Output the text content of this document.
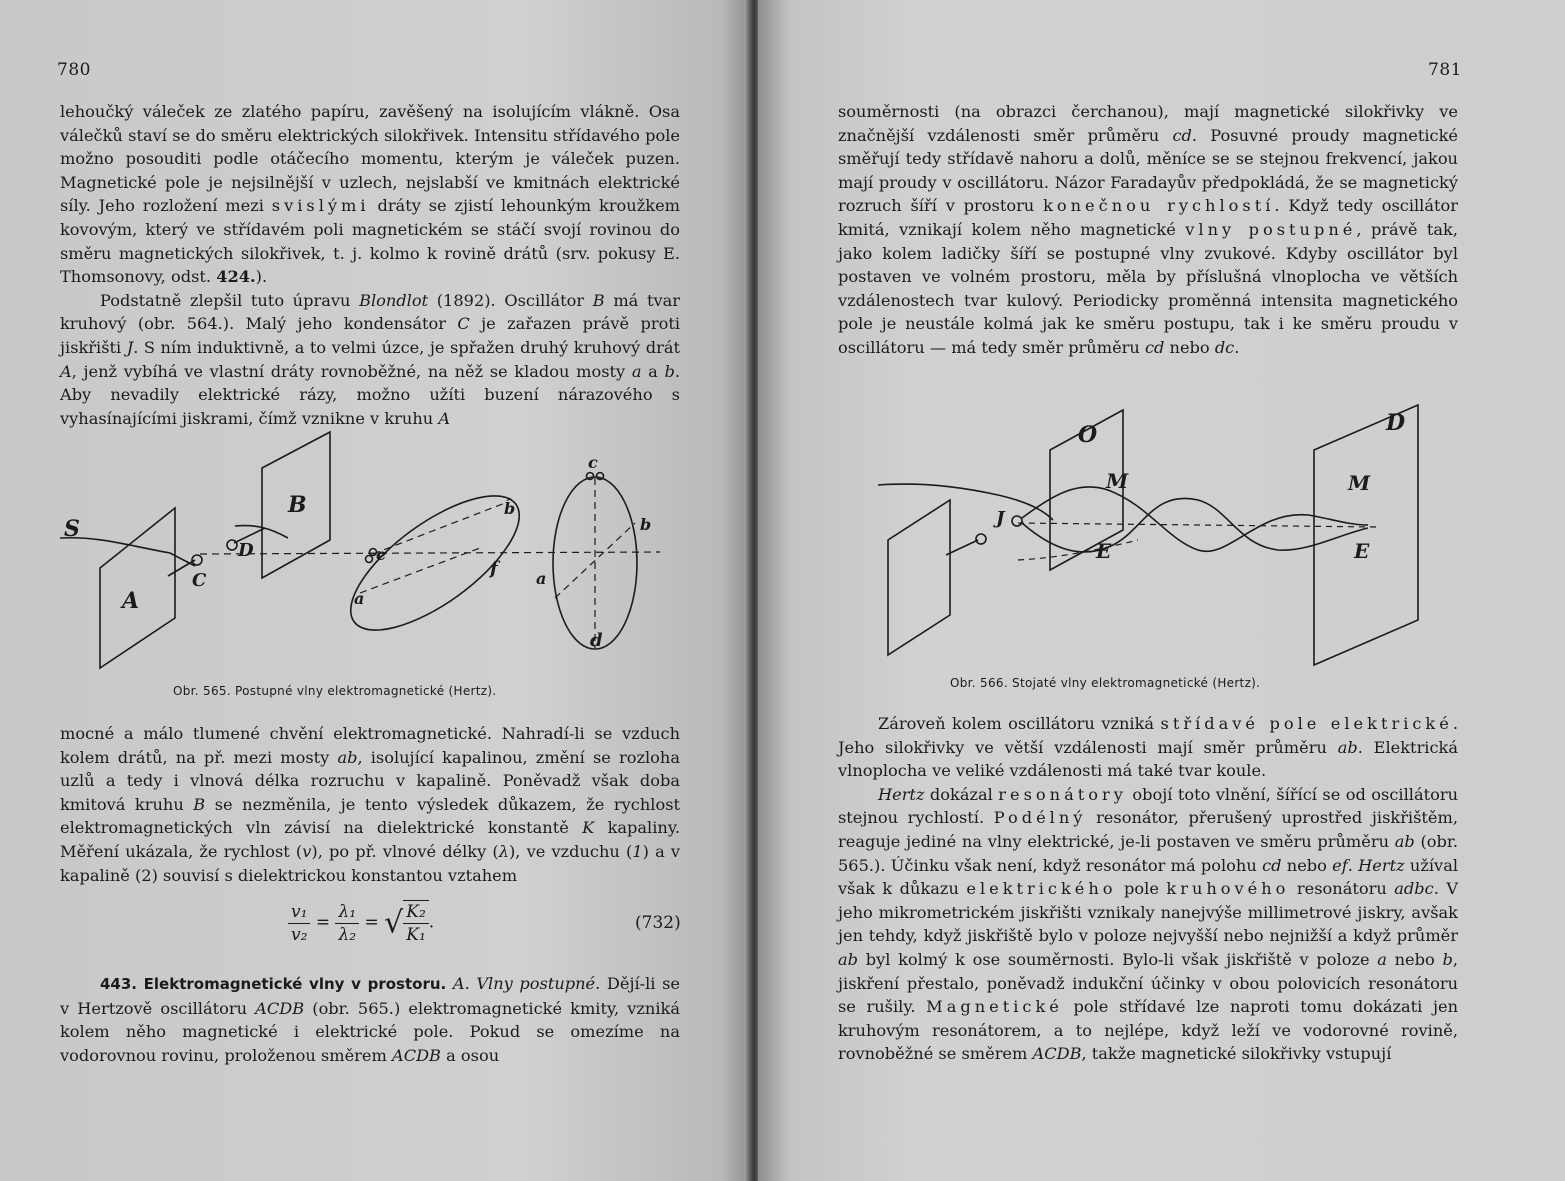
780

lehoučký váleček ze zlatého papíru, zavěšený na isolujícím vlákně. Osa válečků staví se do směru elektrických silokřivek. Intensitu střídavého pole možno posouditi podle otáčecího momentu, kterým je váleček puzen. Magnetické pole je nejsilnější v uzlech, nejslabší ve kmitnách elektrické síly. Jeho rozložení mezi svislými dráty se zjistí lehounkým kroužkem kovovým, který ve střídavém poli magnetickém se stáčí svojí rovinou do směru magnetických silokřivek, t. j. kolmo k rovině drátů (srv. pokusy E. Thomsonovy, odst. 424.).

Podstatně zlepšil tuto úpravu Blondlot (1892). Oscillátor B má tvar kruhový (obr. 564.). Malý jeho kondensátor C je zařazen právě proti jiskřišti J. S ním induktivně, a to velmi úzce, je spřažen druhý kruhový drát A, jenž vybíhá ve vlastní dráty rovnoběžné, na něž se kladou mosty a a b. Aby nevadily elektrické rázy, možno užíti buzení nárazového s vyhasínajícími jiskrami, čímž vznikne v kruhu A

S
A
C
B
D	e
a
b́
f
c
b
a
d
Obr. 565. Postupné vlny elektromagnetické (Hertz).

mocné a málo tlumené chvění elektromagnetické. Nahradí-li se vzduch kolem drátů, na př. mezi mosty ab, isolující kapalinou, změní se rozloha uzlů a tedy i vlnová délka rozruchu v kapalině. Poněvadž však doba kmitová kruhu B se nezměnila, je tento výsledek důkazem, že rychlost elektromagnetických vln závisí na dielektrické konstantě K kapaliny. Měření ukázala, že rychlost (v), po př. vlnové délky (λ), ve vzduchu (1) a v kapalině (2) souvisí s dielektrickou konstantou vztahem

$\frac{\text{v₁}}{\text{v₂}} = \frac{\text{λ₁}}{\text{λ₂}}$ = √ $\frac{\text{K₂}}{\text{K₁}}$ .	(732)

443. Elektromagnetické vlny v prostoru. A. Vlny postupné. Dějí-li se v Hertzově oscillátoru ACDB (obr. 565.) elektromagnetické kmity, vzniká kolem něho magnetické i elektrické pole. Pokud se omezíme na vodorovnou rovinu, proloženou směrem ACDB a osou

781

souměrnosti (na obrazci čerchanou), mají magnetické silokřivky ve značnější vzdálenosti směr průměru cd. Posuvné proudy magnetické směřují tedy střídavě nahoru a dolů, měníce se se stejnou frekvencí, jakou mají proudy v oscillátoru. Názor Faradayův předpokládá, že se magnetický rozruch šíří v prostoru konečnou rychlostí. Když tedy oscillátor kmitá, vznikají kolem něho magnetické vlny postupné, právě tak, jako kolem ladičky šíří se postupné vlny zvukové. Kdyby oscillátor byl postaven ve volném prostoru, měla by příslušná vlnoplocha ve větších vzdálenostech tvar kulový. Periodicky proměnná intensita magnetického pole je neustále kolmá jak ke směru postupu, tak i ke směru proudu v oscillátoru — má tedy směr průměru cd nebo dc.

O
J
M
E
D
M
E
Obr. 566. Stojaté vlny elektromagnetické (Hertz).

Zároveň kolem oscillátoru vzniká střídavé pole elektrické. Jeho silokřivky ve větší vzdálenosti mají směr průměru ab. Elektrická vlnoplocha ve veliké vzdálenosti má také tvar koule.

Hertz dokázal resonátory obojí toto vlnění, šířící se od oscillátoru stejnou rychlostí. Podélný resonátor, přerušený uprostřed jiskřištěm, reaguje jediné na vlny elektrické, je-li postaven ve směru průměru ab (obr. 565.). Účinku však není, když resonátor má polohu cd nebo ef. Hertz užíval však k důkazu elektrického pole kruhového resonátoru adbc. V jeho mikrometrickém jiskřišti vznikaly nanejvýše millimetrové jiskry, avšak jen tehdy, když jiskřiště bylo v poloze nejvyšší nebo nejnižší a když průměr ab byl kolmý k ose souměrnosti. Bylo-li však jiskřiště v poloze a nebo b, jiskření přestalo, poněvadž indukční účinky v obou polovicích resonátoru se rušily. Magnetické pole střídavé lze naproti tomu dokázati jen kruhovým resonátorem, a to nejlépe, když leží ve vodorovné rovině, rovnoběžné se směrem ACDB, takže magnetické silokřivky vstupují
